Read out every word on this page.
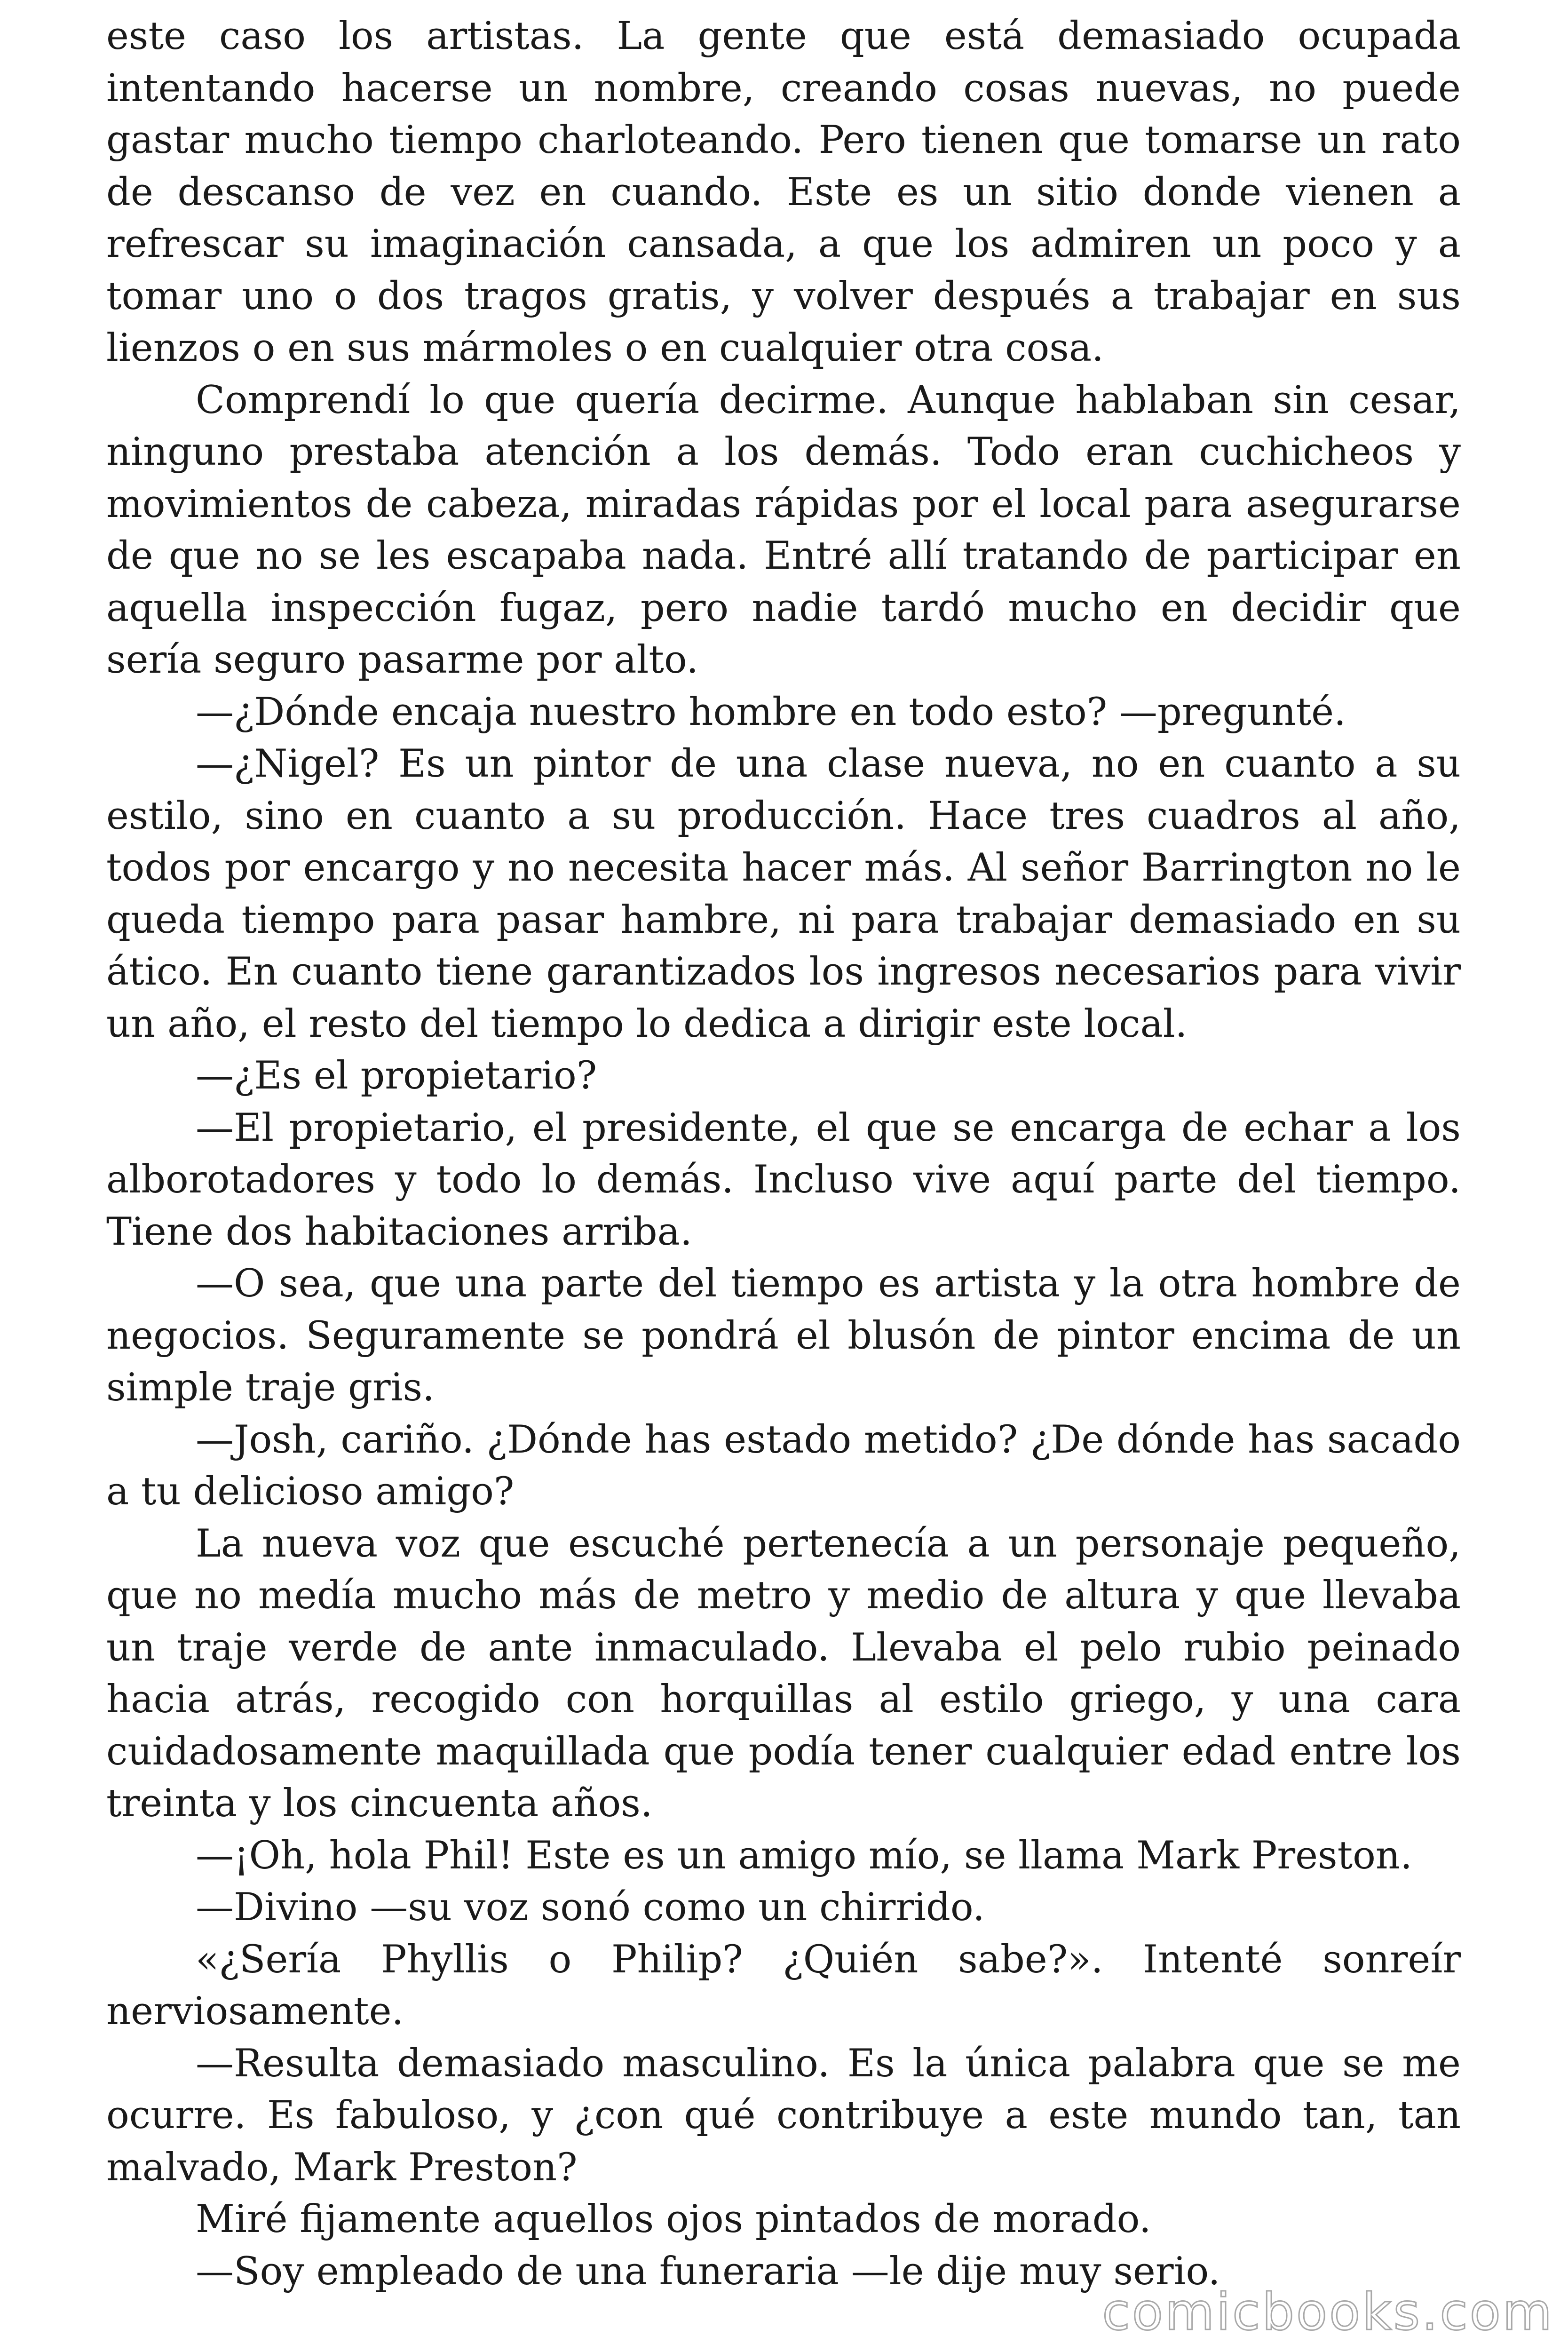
este caso los artistas. La gente que está demasiado ocupada intentando hacerse un nombre, creando cosas nuevas, no puede gastar mucho tiempo charloteando. Pero tienen que tomarse un rato de descanso de vez en cuando. Este es un sitio donde vienen a refrescar su imaginación cansada, a que los admiren un poco y a tomar uno o dos tragos gratis, y volver después a trabajar en sus lienzos o en sus mármoles o en cualquier otra cosa.

Comprendí lo que quería decirme. Aunque hablaban sin cesar, ninguno prestaba atención a los demás. Todo eran cuchicheos y movimientos de cabeza, miradas rápidas por el local para asegurarse de que no se les escapaba nada. Entré allí tratando de participar en aquella inspección fugaz, pero nadie tardó mucho en decidir que sería seguro pasarme por alto.

—¿Dónde encaja nuestro hombre en todo esto? —pregunté.

—¿Nigel? Es un pintor de una clase nueva, no en cuanto a su estilo, sino en cuanto a su producción. Hace tres cuadros al año, todos por encargo y no necesita hacer más. Al señor Barrington no le queda tiempo para pasar hambre, ni para trabajar demasiado en su ático. En cuanto tiene garantizados los ingresos necesarios para vivir un año, el resto del tiempo lo dedica a dirigir este local.

—¿Es el propietario?

—El propietario, el presidente, el que se encarga de echar a los alborotadores y todo lo demás. Incluso vive aquí parte del tiempo. Tiene dos habitaciones arriba.

—O sea, que una parte del tiempo es artista y la otra hombre de negocios. Seguramente se pondrá el blusón de pintor encima de un simple traje gris.

—Josh, cariño. ¿Dónde has estado metido? ¿De dónde has sacado a tu delicioso amigo?

La nueva voz que escuché pertenecía a un personaje pequeño, que no medía mucho más de metro y medio de altura y que llevaba un traje verde de ante inmaculado. Llevaba el pelo rubio peinado hacia atrás, recogido con horquillas al estilo griego, y una cara cuidadosamente maquillada que podía tener cualquier edad entre los treinta y los cincuenta años.

—¡Oh, hola Phil! Este es un amigo mío, se llama Mark Preston.

—Divino —su voz sonó como un chirrido.

«¿Sería Phyllis o Philip? ¿Quién sabe?». Intenté sonreír nerviosamente.

—Resulta demasiado masculino. Es la única palabra que se me ocurre. Es fabuloso, y ¿con qué contribuye a este mundo tan, tan malvado, Mark Preston?

Miré fijamente aquellos ojos pintados de morado.

—Soy empleado de una funeraria —le dije muy serio.

comicbooks.com
